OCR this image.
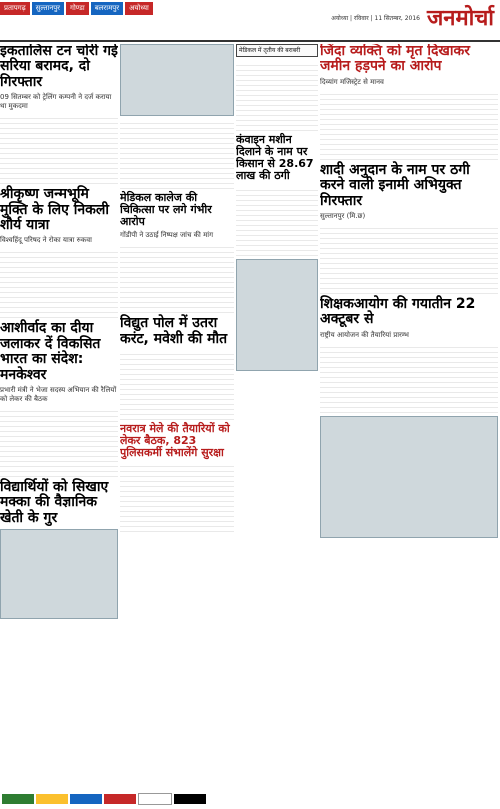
प्रतापगढ़	सुल्तानपुर	गोण्डा	बलरामपुर	अयोध्या
अयोध्या | रविवार | 11 सितम्बर, 2016 जनमोर्चा
इकतालिस टन चोरी गई सरिया बरामद, दो गिरफ्तार
09 सितम्बर को ट्रेलिंग कम्पनी ने दर्ज कराया था मुकदमा
श्रीकृष्ण जन्मभूमि मुक्ति के लिए निकली शौर्य यात्रा
विश्वहिंदू परिषद ने रोका यात्रा रुकवा
आशीर्वाद का दीया जलाकर दें विकसित भारत का संदेश: मनकेश्वर
प्रभारी मंत्री ने भेजा सदस्य अभियान की रैलियों को लेकर की बैठक
विद्यार्थियों को सिखाए मक्का की वैज्ञानिक खेती के गुर
मेडिकल कालेज की चिकित्सा पर लगे गंभीर आरोप
गोंडीपी ने उठाई निष्पक्ष जांच की मांग
विद्युत पोल में उतरा करंट, मवेशी की मौत
नवरात्र मेले की तैयारियों को लेकर बैठक, 823 पुलिसकर्मी संभालेंगे सुरक्षा
मेडिकल में तृतीय की बराबरी
कंवाइन मशीन दिलाने के नाम पर किसान से 28.67 लाख की ठगी
जिंदा व्यक्ति को मृत दिखाकर जमीन हड़पने का आरोप
दिव्यांग मजिस्ट्रेट से मानव
शादी अनुदान के नाम पर ठगी करने वाली इनामी अभियुक्त गिरफ्तार
सुल्तानपुर (मि.छ)
शिक्षकआयोग की गयातीन 22 अक्टूबर से
राष्ट्रीय आयोजन की तैयारियां प्रारम्भ
